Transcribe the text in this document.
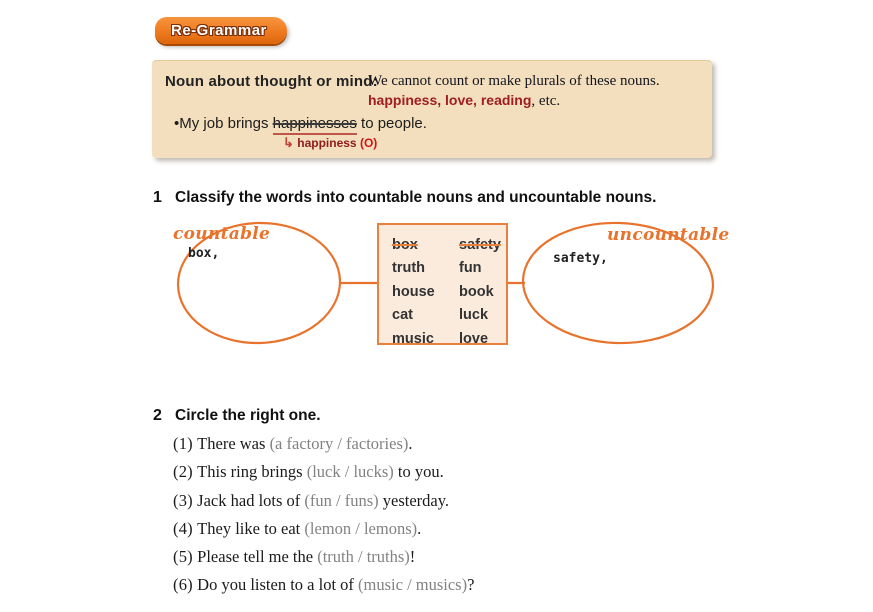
Re-Grammar
Noun about thought or mind:
We cannot count or make plurals of these nouns.
happiness, love, reading, etc.
•My job brings happinesses to people.
↳ happiness (O)
1 Classify the words into countable nouns and uncountable nouns.
countable
box,
box
truth
house
cat
music
safety
fun
book
luck
love
uncountable
safety,
2 Circle the right one.
(1) There was (a factory / factories).
(2) This ring brings (luck / lucks) to you.
(3) Jack had lots of (fun / funs) yesterday.
(4) They like to eat (lemon / lemons).
(5) Please tell me the (truth / truths)!
(6) Do you listen to a lot of (music / musics)?
